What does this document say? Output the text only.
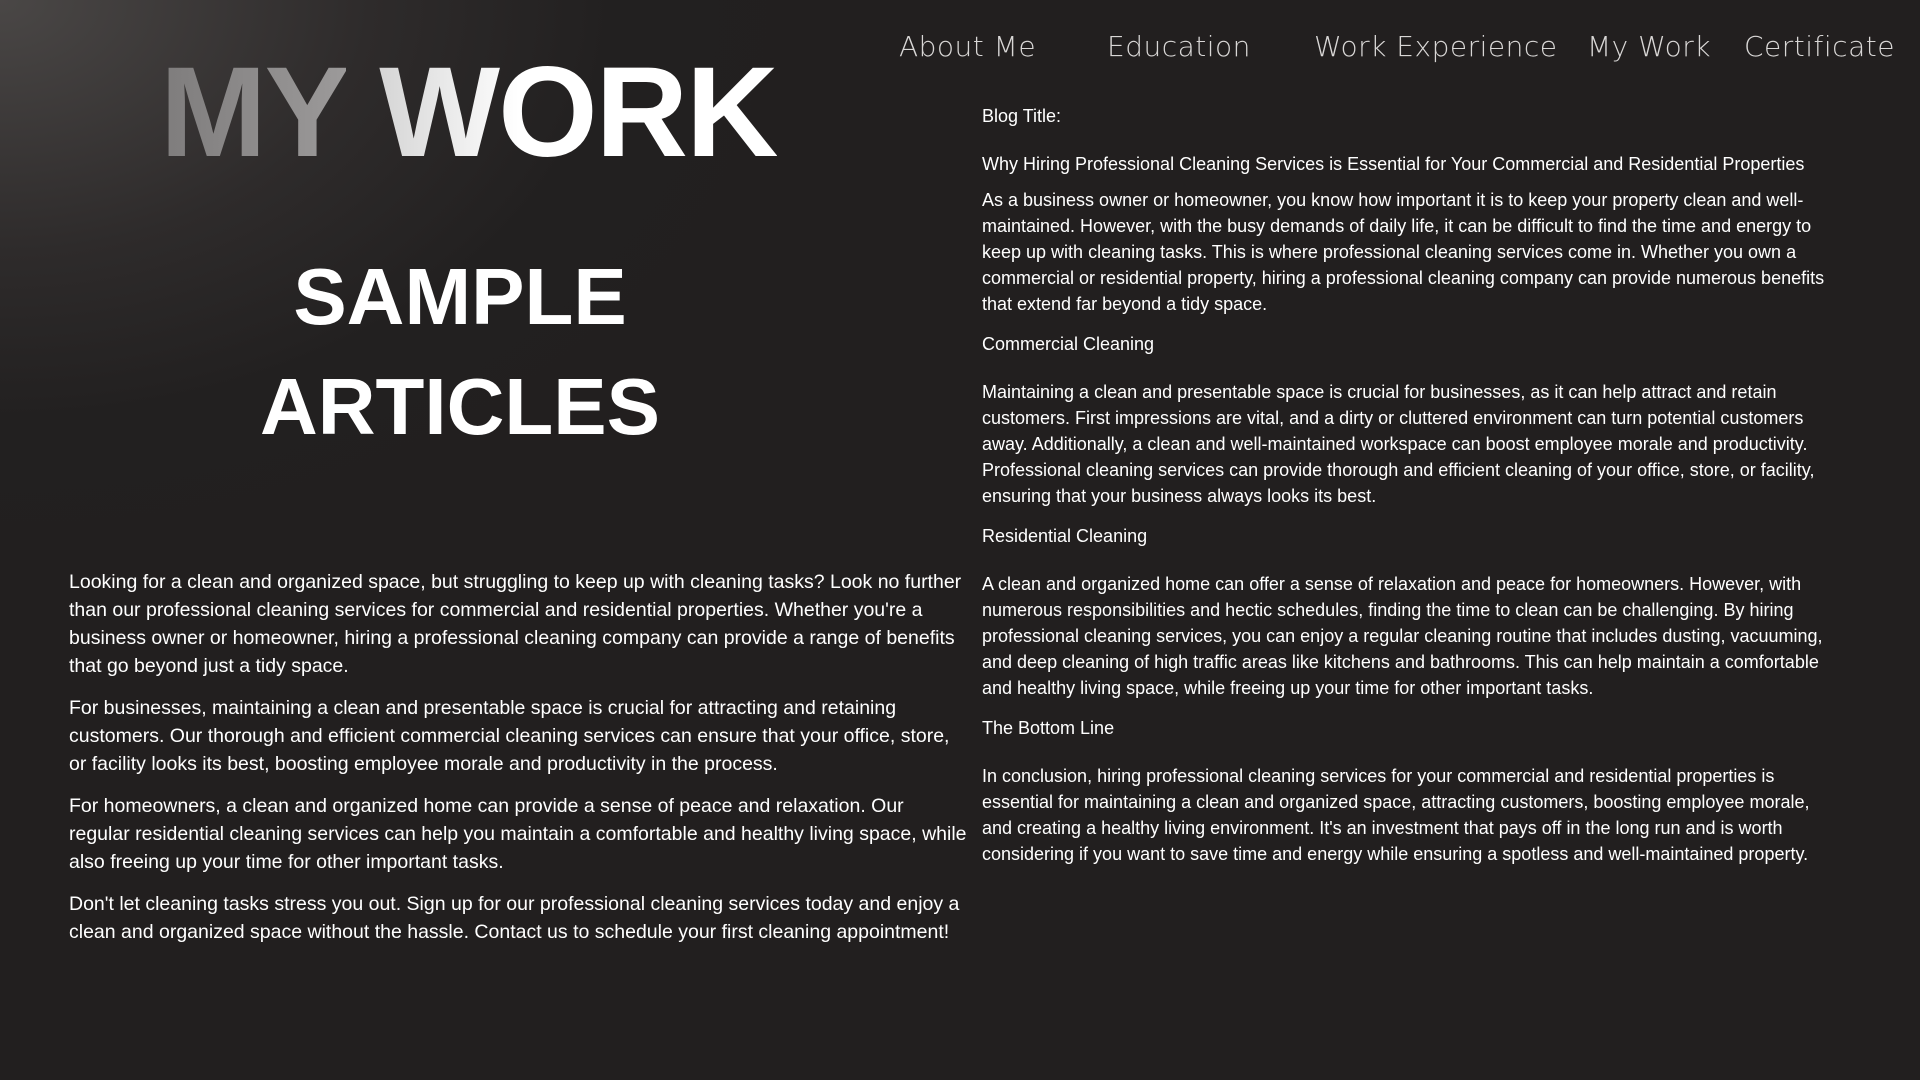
About Me	Education Work Experience My Work Certificate
MY WORK
SAMPLE
ARTICLES

Looking for a clean and organized space, but struggling to keep up with cleaning tasks? Look no further than our professional cleaning services for commercial and residential properties. Whether you're a business owner or homeowner, hiring a professional cleaning company can provide a range of benefits that go beyond just a tidy space.

For businesses, maintaining a clean and presentable space is crucial for attracting and retaining customers. Our thorough and efficient commercial cleaning services can ensure that your office, store, or facility looks its best, boosting employee morale and productivity in the process.

For homeowners, a clean and organized home can provide a sense of peace and relaxation. Our regular residential cleaning services can help you maintain a comfortable and healthy living space, while also freeing up your time for other important tasks.

Don't let cleaning tasks stress you out. Sign up for our professional cleaning services today and enjoy a clean and organized space without the hassle. Contact us to schedule your first cleaning appointment!

Blog Title:
Why Hiring Professional Cleaning Services is Essential for Your Commercial and Residential Properties
As a business owner or homeowner, you know how important it is to keep your property clean and well-maintained. However, with the busy demands of daily life, it can be difficult to find the time and energy to keep up with cleaning tasks. This is where professional cleaning services come in. Whether you own a commercial or residential property, hiring a professional cleaning company can provide numerous benefits that extend far beyond a tidy space.
Commercial Cleaning
Maintaining a clean and presentable space is crucial for businesses, as it can help attract and retain customers. First impressions are vital, and a dirty or cluttered environment can turn potential customers away. Additionally, a clean and well-maintained workspace can boost employee morale and productivity. Professional cleaning services can provide thorough and efficient cleaning of your office, store, or facility, ensuring that your business always looks its best.
Residential Cleaning
A clean and organized home can offer a sense of relaxation and peace for homeowners. However, with numerous responsibilities and hectic schedules, finding the time to clean can be challenging. By hiring professional cleaning services, you can enjoy a regular cleaning routine that includes dusting, vacuuming, and deep cleaning of high traffic areas like kitchens and bathrooms. This can help maintain a comfortable and healthy living space, while freeing up your time for other important tasks.
The Bottom Line
In conclusion, hiring professional cleaning services for your commercial and residential properties is essential for maintaining a clean and organized space, attracting customers, boosting employee morale, and creating a healthy living environment. It's an investment that pays off in the long run and is worth considering if you want to save time and energy while ensuring a spotless and well-maintained property.
